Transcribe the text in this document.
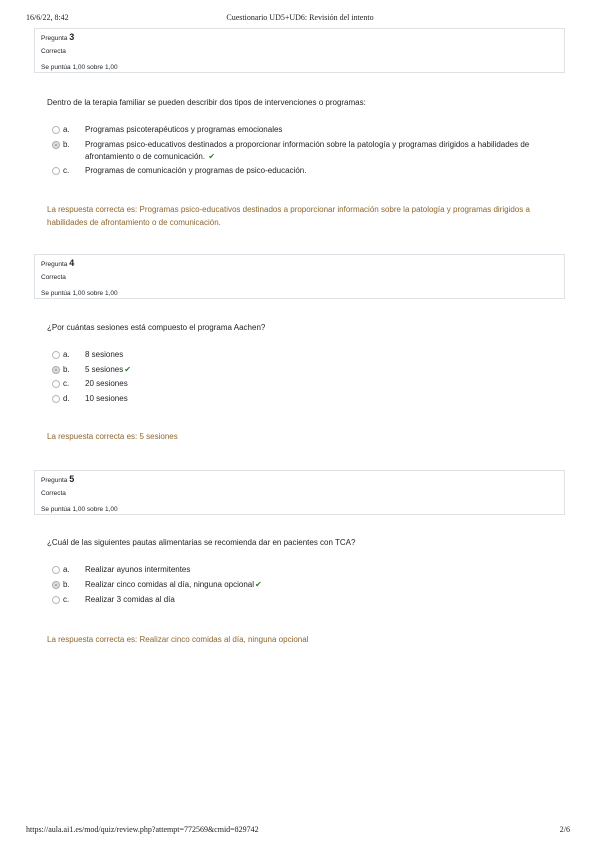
16/6/22, 8:42	Cuestionario UD5+UD6: Revisión del intento
Pregunta 3
Correcta
Se puntúa 1,00 sobre 1,00
Dentro de la terapia familiar se pueden describir dos tipos de intervenciones o programas:
a. Programas psicoterapéuticos y programas emocionales
b. Programas psico-educativos destinados a proporcionar información sobre la patología y programas dirigidos a habilidades de afrontamiento o de comunicación. ✔
c. Programas de comunicación y programas de psico-educación.
La respuesta correcta es: Programas psico-educativos destinados a proporcionar información sobre la patología y programas dirigidos a habilidades de afrontamiento o de comunicación.
Pregunta 4
Correcta
Se puntúa 1,00 sobre 1,00
¿Por cuántas sesiones está compuesto el programa Aachen?
a. 8 sesiones
b. 5 sesiones✔
c. 20 sesiones
d. 10 sesiones
La respuesta correcta es: 5 sesiones
Pregunta 5
Correcta
Se puntúa 1,00 sobre 1,00
¿Cuál de las siguientes pautas alimentarias se recomienda dar en pacientes con TCA?
a. Realizar ayunos intermitentes
b. Realizar cinco comidas al día, ninguna opcional✔
c. Realizar 3 comidas al día
La respuesta correcta es: Realizar cinco comidas al día, ninguna opcional
https://aula.ai1.es/mod/quiz/review.php?attempt=772569&cmid=829742	2/6
